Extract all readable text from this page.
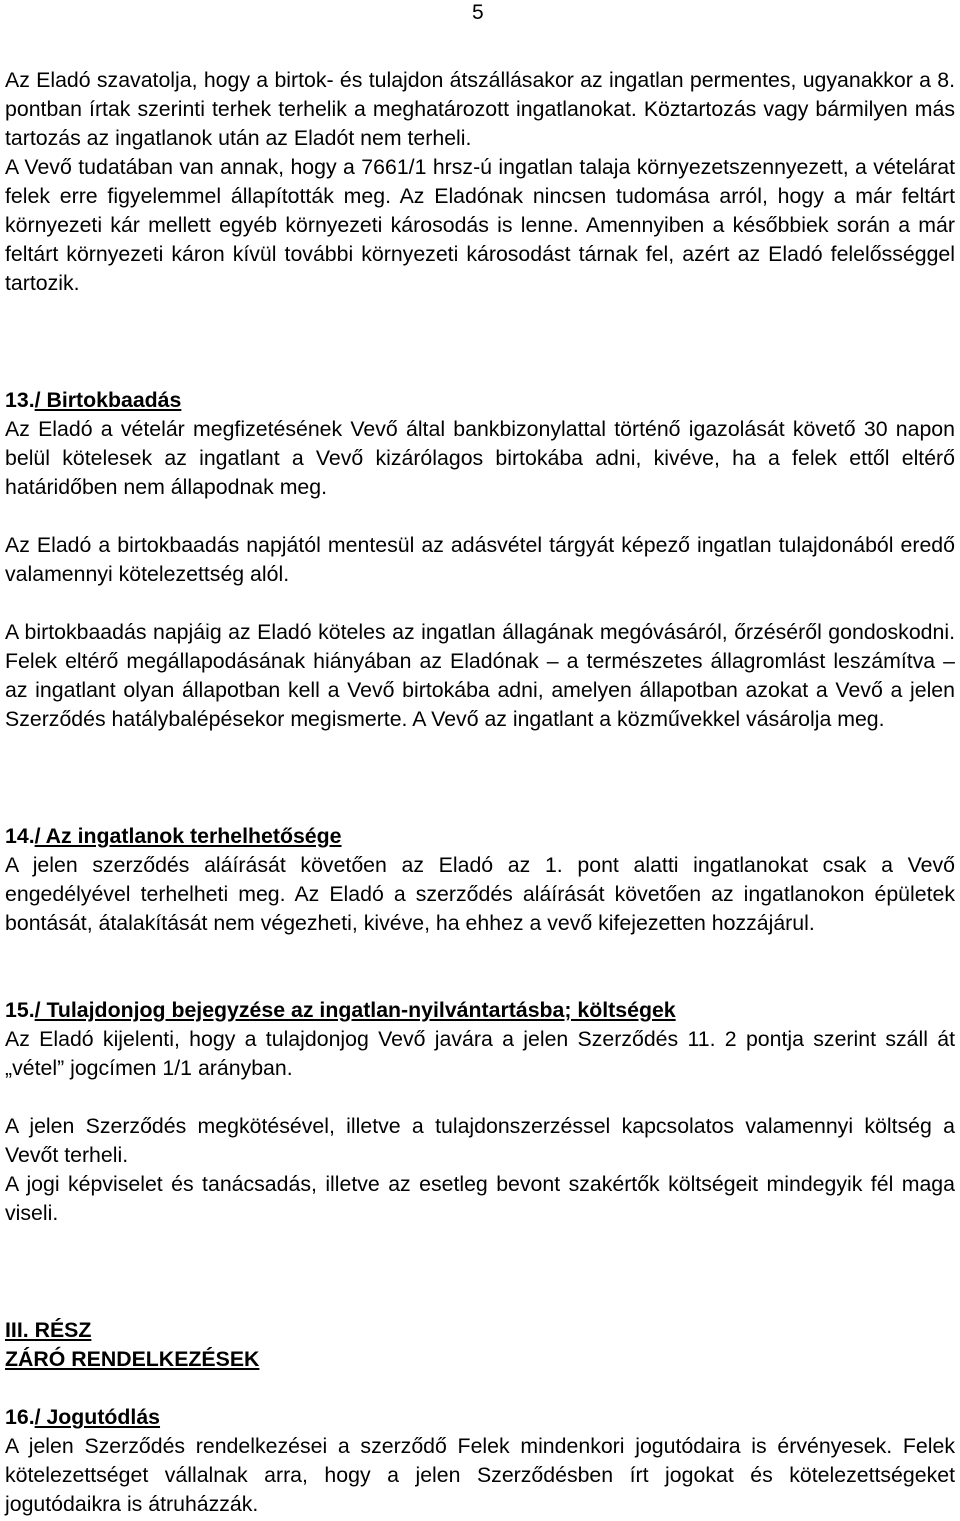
5

Az Eladó szavatolja, hogy a birtok- és tulajdon átszállásakor az ingatlan permentes, ugyanakkor a 8. pontban írtak szerinti terhek terhelik a meghatározott ingatlanokat. Köztartozás vagy bármilyen más tartozás az ingatlanok után az Eladót nem terheli.

A Vevő tudatában van annak, hogy a 7661/1 hrsz-ú ingatlan talaja környezetszennyezett, a vételárat felek erre figyelemmel állapították meg. Az Eladónak nincsen tudomása arról, hogy a már feltárt környezeti kár mellett egyéb környezeti károsodás is lenne. Amennyiben a későbbiek során a már feltárt környezeti káron kívül további környezeti károsodást tárnak fel, azért az Eladó felelősséggel tartozik.

13./ Birtokbaadás

Az Eladó a vételár megfizetésének Vevő által bankbizonylattal történő igazolását követő 30 napon belül kötelesek az ingatlant a Vevő kizárólagos birtokába adni, kivéve, ha a felek ettől eltérő határidőben nem állapodnak meg.

Az Eladó a birtokbaadás napjától mentesül az adásvétel tárgyát képező ingatlan tulajdonából eredő valamennyi kötelezettség alól.

A birtokbaadás napjáig az Eladó köteles az ingatlan állagának megóvásáról, őrzéséről gondoskodni. Felek eltérő megállapodásának hiányában az Eladónak – a természetes állagromlást leszámítva – az ingatlant olyan állapotban kell a Vevő birtokába adni, amelyen állapotban azokat a Vevő a jelen Szerződés hatálybalépésekor megismerte. A Vevő az ingatlant a közművekkel vásárolja meg.

14./ Az ingatlanok terhelhetősége

A jelen szerződés aláírását követően az Eladó az 1. pont alatti ingatlanokat csak a Vevő engedélyével terhelheti meg. Az Eladó a szerződés aláírását követően az ingatlanokon épületek bontását, átalakítását nem végezheti, kivéve, ha ehhez a vevő kifejezetten hozzájárul.

15./ Tulajdonjog bejegyzése az ingatlan-nyilvántartásba; költségek

Az Eladó kijelenti, hogy a tulajdonjog Vevő javára a jelen Szerződés 11. 2 pontja szerint száll át „vétel” jogcímen 1/1 arányban.

A jelen Szerződés megkötésével, illetve a tulajdonszerzéssel kapcsolatos valamennyi költség a Vevőt terheli.

A jogi képviselet és tanácsadás, illetve az esetleg bevont szakértők költségeit mindegyik fél maga viseli.

III. RÉSZ
ZÁRÓ RENDELKEZÉSEK
16./ Jogutódlás

A jelen Szerződés rendelkezései a szerződő Felek mindenkori jogutódaira is érvényesek. Felek kötelezettséget vállalnak arra, hogy a jelen Szerződésben írt jogokat és kötelezettségeket jogutódaikra is átruházzák.
